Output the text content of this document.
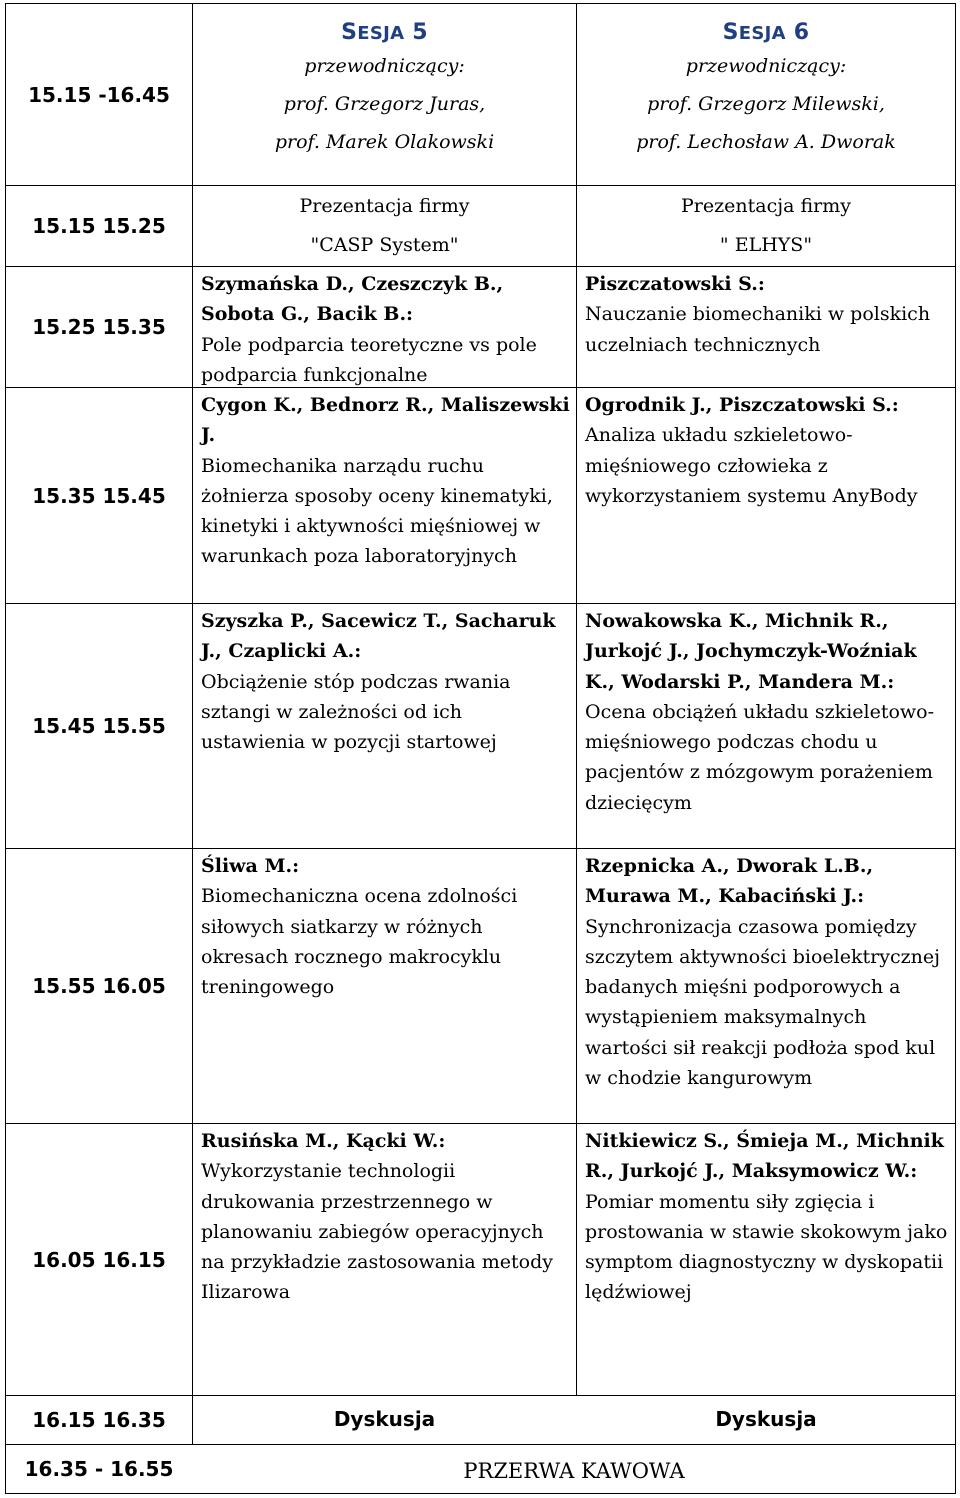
15.15 -16.45
15.15 15.25
15.25 15.35
15.35 15.45
15.45 15.55
15.55 16.05
16.05 16.15
16.15 16.35
16.35 - 16.55
SESJA 5
przewodniczący:
prof. Grzegorz Juras,
prof. Marek Olakowski
SESJA 6
przewodniczący:
prof. Grzegorz Milewski,
prof. Lechosław A. Dworak
Prezentacja firmy
"CASP System"
Prezentacja firmy
" ELHYS"
Szymańska D., Czeszczyk B., Sobota G., Bacik B.:
Pole podparcia teoretyczne vs pole podparcia funkcjonalne
Cygon K., Bednorz R., Maliszewski J.
Biomechanika narządu ruchu żołnierza sposoby oceny kinematyki, kinetyki i aktywności mięśniowej w warunkach poza laboratoryjnych
Szyszka P., Sacewicz T., Sacharuk J., Czaplicki A.:
Obciążenie stóp podczas rwania sztangi w zależności od ich ustawienia w pozycji startowej
Śliwa M.:
Biomechaniczna ocena zdolności siłowych siatkarzy w różnych okresach rocznego makrocyklu treningowego
Rusińska M., Kącki W.:
Wykorzystanie technologii drukowania przestrzennego w planowaniu zabiegów operacyjnych na przykładzie zastosowania metody Ilizarowa
Piszczatowski S.:
Nauczanie biomechaniki w polskich uczelniach technicznych
Ogrodnik J., Piszczatowski S.:
Analiza układu szkieletowo-mięśniowego człowieka z wykorzystaniem systemu AnyBody
Nowakowska K., Michnik R., Jurkojć J., Jochymczyk-Woźniak K., Wodarski P., Mandera M.: Ocena obciążeń układu szkieletowo-mięśniowego podczas chodu u pacjentów z mózgowym porażeniem dziecięcym
Rzepnicka A., Dworak L.B., Murawa M., Kabaciński J.:
Synchronizacja czasowa pomiędzy szczytem aktywności bioelektrycznej badanych mięśni podporowych a wystąpieniem maksymalnych wartości sił reakcji podłoża spod kul w chodzie kangurowym
Nitkiewicz S., Śmieja M., Michnik R., Jurkojć J., Maksymowicz W.:
Pomiar momentu siły zgięcia i prostowania w stawie skokowym jako symptom diagnostyczny w dyskopatii lędźwiowej
Dyskusja	Dyskusja
PRZERWA KAWOWA
